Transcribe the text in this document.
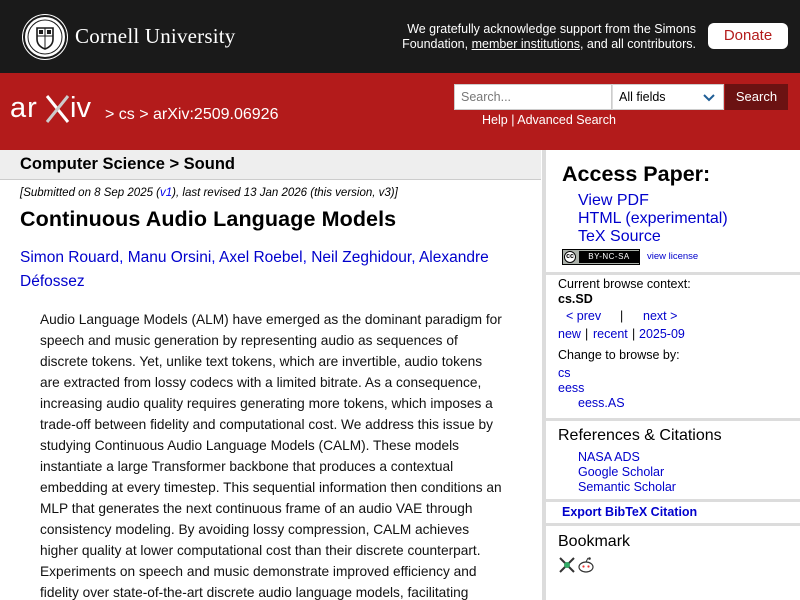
Cornell University	We gratefully acknowledge support from the Simons Foundation, member institutions, and all contributors.	Donate
ar iv > cs > arXiv:2509.06926
Search...	All fields	Search
Help | Advanced Search
Computer Science > Sound
[Submitted on 8 Sep 2025 (v1), last revised 13 Jan 2026 (this version, v3)]
Continuous Audio Language Models
Simon Rouard, Manu Orsini, Axel Roebel, Neil Zeghidour, Alexandre Défossez
Audio Language Models (ALM) have emerged as the dominant paradigm for
speech and music generation by representing audio as sequences of
discrete tokens. Yet, unlike text tokens, which are invertible, audio tokens
are extracted from lossy codecs with a limited bitrate. As a consequence,
increasing audio quality requires generating more tokens, which imposes a
trade-off between fidelity and computational cost. We address this issue by
studying Continuous Audio Language Models (CALM). These models
instantiate a large Transformer backbone that produces a contextual
embedding at every timestep. This sequential information then conditions an
MLP that generates the next continuous frame of an audio VAE through
consistency modeling. By avoiding lossy compression, CALM achieves
higher quality at lower computational cost than their discrete counterpart.
Experiments on speech and music demonstrate improved efficiency and
fidelity over state-of-the-art discrete audio language models, facilitating
Access Paper:
View PDF
HTML (experimental)
TeX Source
cc	BY-NC-SA	view license
Current browse context:
cs.SD
< prev | next >
new | recent | 2025-09
Change to browse by:
cs
eess
eess.AS
References & Citations
NASA ADS
Google Scholar
Semantic Scholar
Export BibTeX Citation
Bookmark
